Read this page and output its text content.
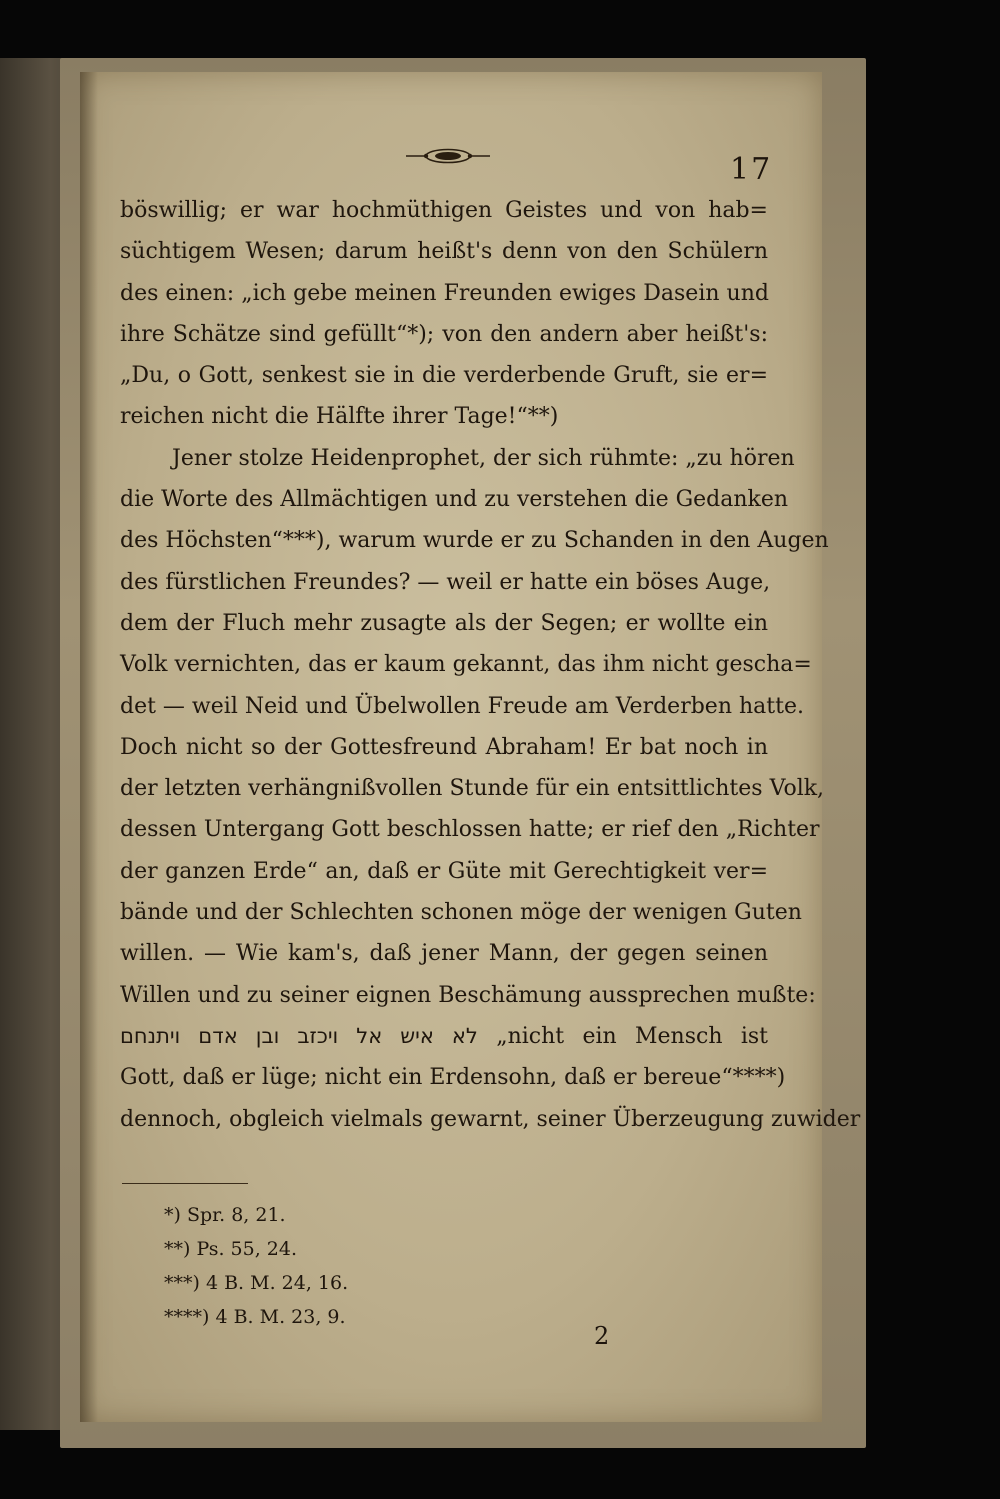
17
böswillig; er war hochmüthigen Geistes und von hab=
süchtigem Wesen; darum heißt's denn von den Schülern
des einen: „ich gebe meinen Freunden ewiges Dasein und
ihre Schätze sind gefüllt“*); von den andern aber heißt's:
„Du, o Gott, senkest sie in die verderbende Gruft, sie er=
reichen nicht die Hälfte ihrer Tage!“**)
Jener stolze Heidenprophet, der sich rühmte: „zu hören
die Worte des Allmächtigen und zu verstehen die Gedanken
des Höchsten“***), warum wurde er zu Schanden in den Augen
des fürstlichen Freundes? — weil er hatte ein böses Auge,
dem der Fluch mehr zusagte als der Segen; er wollte ein
Volk vernichten, das er kaum gekannt, das ihm nicht gescha=
det — weil Neid und Übelwollen Freude am Verderben hatte.
Doch nicht so der Gottesfreund Abraham! Er bat noch in
der letzten verhängnißvollen Stunde für ein entsittlichtes Volk,
dessen Untergang Gott beschlossen hatte; er rief den „Richter
der ganzen Erde“ an, daß er Güte mit Gerechtigkeit ver=
bände und der Schlechten schonen möge der wenigen Guten
willen. — Wie kam's, daß jener Mann, der gegen seinen
Willen und zu seiner eignen Beschämung aussprechen mußte:
לא איש אל ויכזב ובן אדם ויתנחם „nicht ein Mensch ist
Gott, daß er lüge; nicht ein Erdensohn, daß er bereue“****)
dennoch, obgleich vielmals gewarnt, seiner Überzeugung zuwider
*) Spr. 8, 21.
**) Ps. 55, 24.
***) 4 B. M. 24, 16.
****) 4 B. M. 23, 9.
2
